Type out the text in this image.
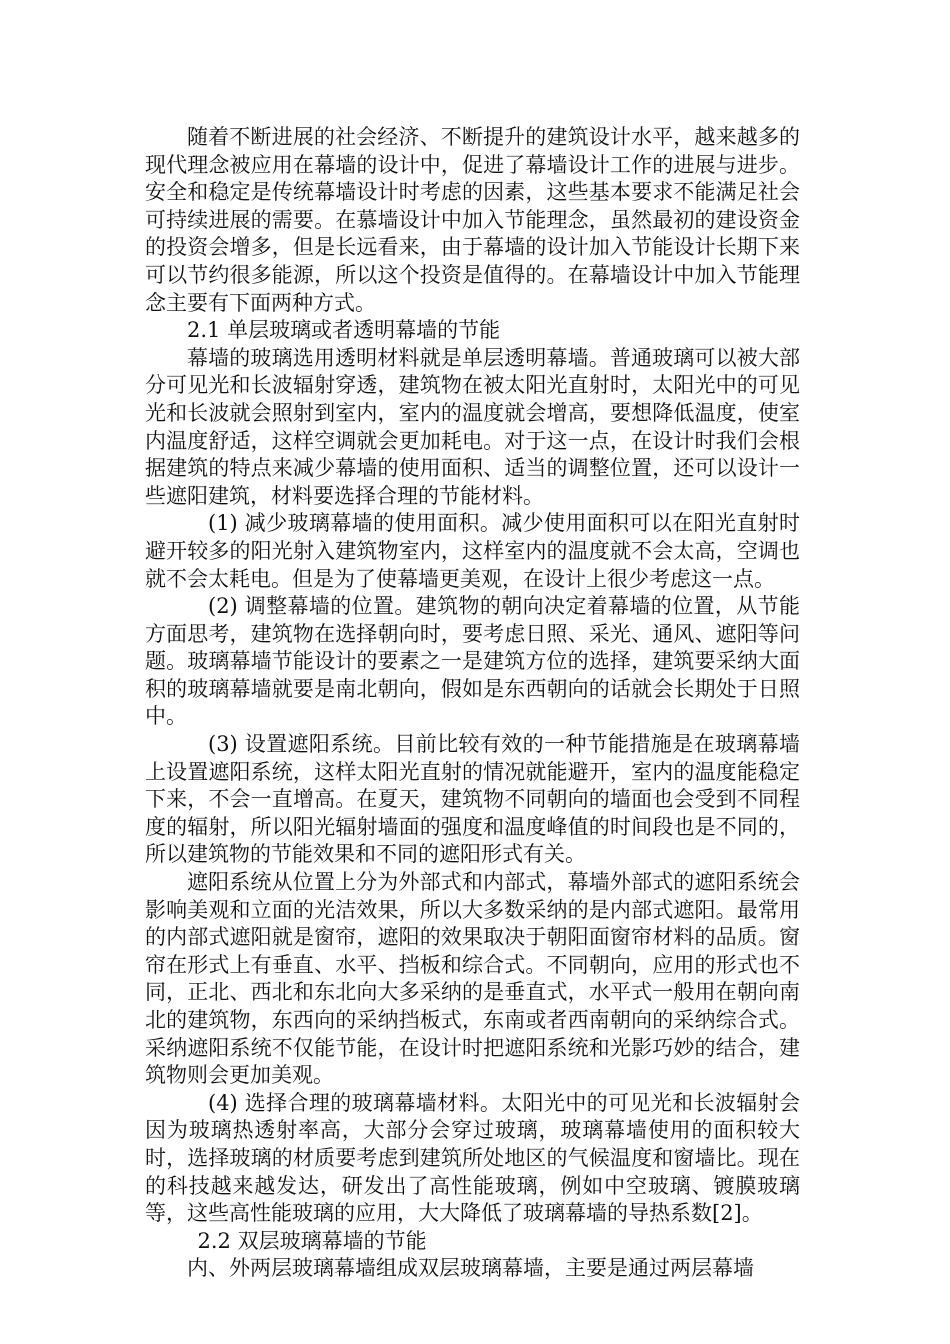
随着不断进展的社会经济、不断提升的建筑设计水平，越来越多的现代理念被应用在幕墙的设计中，促进了幕墙设计工作的进展与进步。安全和稳定是传统幕墙设计时考虑的因素，这些基本要求不能满足社会可持续进展的需要。在慕墙设计中加入节能理念，虽然最初的建设资金的投资会增多，但是长远看来，由于幕墙的设计加入节能设计长期下来可以节约很多能源，所以这个投资是值得的。在幕墙设计中加入节能理念主要有下面两种方式。

2.1 单层玻璃或者透明幕墙的节能

幕墙的玻璃选用透明材料就是单层透明幕墙。普通玻璃可以被大部分可见光和长波辐射穿透，建筑物在被太阳光直射时，太阳光中的可见光和长波就会照射到室内，室内的温度就会增高，要想降低温度，使室内温度舒适，这样空调就会更加耗电。对于这一点，在设计时我们会根据建筑的特点来减少幕墙的使用面积、适当的调整位置，还可以设计一些遮阳建筑，材料要选择合理的节能材料。

(1) 减少玻璃幕墙的使用面积。减少使用面积可以在阳光直射时避开较多的阳光射入建筑物室内，这样室内的温度就不会太高，空调也就不会太耗电。但是为了使幕墙更美观，在设计上很少考虑这一点。

(2) 调整幕墙的位置。建筑物的朝向决定着幕墙的位置，从节能方面思考，建筑物在选择朝向时，要考虑日照、采光、通风、遮阳等问题。玻璃幕墙节能设计的要素之一是建筑方位的选择，建筑要采纳大面积的玻璃幕墙就要是南北朝向，假如是东西朝向的话就会长期处于日照中。

(3) 设置遮阳系统。目前比较有效的一种节能措施是在玻璃幕墙上设置遮阳系统，这样太阳光直射的情况就能避开，室内的温度能稳定下来，不会一直增高。在夏天，建筑物不同朝向的墙面也会受到不同程度的辐射，所以阳光辐射墙面的强度和温度峰值的时间段也是不同的，所以建筑物的节能效果和不同的遮阳形式有关。

遮阳系统从位置上分为外部式和内部式，幕墙外部式的遮阳系统会影响美观和立面的光洁效果，所以大多数采纳的是内部式遮阳。最常用的内部式遮阳就是窗帘，遮阳的效果取决于朝阳面窗帘材料的品质。窗帘在形式上有垂直、水平、挡板和综合式。不同朝向，应用的形式也不同，正北、西北和东北向大多采纳的是垂直式，水平式一般用在朝向南北的建筑物，东西向的采纳挡板式，东南或者西南朝向的采纳综合式。采纳遮阳系统不仅能节能，在设计时把遮阳系统和光影巧妙的结合，建筑物则会更加美观。

(4) 选择合理的玻璃幕墙材料。太阳光中的可见光和长波辐射会因为玻璃热透射率高，大部分会穿过玻璃，玻璃幕墙使用的面积较大时，选择玻璃的材质要考虑到建筑所处地区的气候温度和窗墙比。现在的科技越来越发达，研发出了高性能玻璃，例如中空玻璃、镀膜玻璃等，这些高性能玻璃的应用，大大降低了玻璃幕墙的导热系数[2]。

2.2 双层玻璃幕墙的节能

内、外两层玻璃幕墙组成双层玻璃幕墙，主要是通过两层幕墙
